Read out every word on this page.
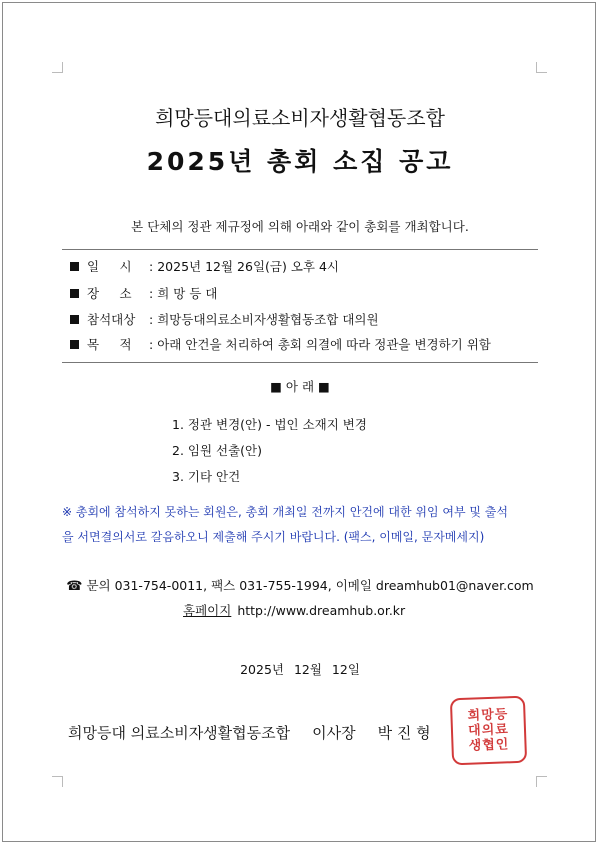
희망등대의료소비자생활협동조합
2025년 총회 소집 공고
본 단체의 정관 제규정에 의해 아래와 같이 총회를 개최합니다.
일 　 시 : 2025년 12월 26일(금) 오후 4시
장 　 소 : 희 망 등 대
참석대상 : 희망등대의료소비자생활협동조합 대의원
목 　 적 : 아래 안건을 처리하여 총회 의결에 따라 정관을 변경하기 위함
■ 아 래 ■
1. 정관 변경(안) - 법인 소재지 변경
2. 임원 선출(안)
3. 기타 안건
※ 총회에 참석하지 못하는 회원은, 총회 개최일 전까지 안건에 대한 위임 여부 및 출석
을 서면결의서로 갈음하오니 제출해 주시기 바랍니다. (팩스, 이메일, 문자메세지)
☎ 문의 031-754-0011, 팩스 031-755-1994, 이메일 dreamhub01@naver.com
홈페이지 http://www.dreamhub.or.kr
2025년 12월 12일
희망등대 의료소비자생활협동조합 이사장 박 진 형
희망등대의료생협인
